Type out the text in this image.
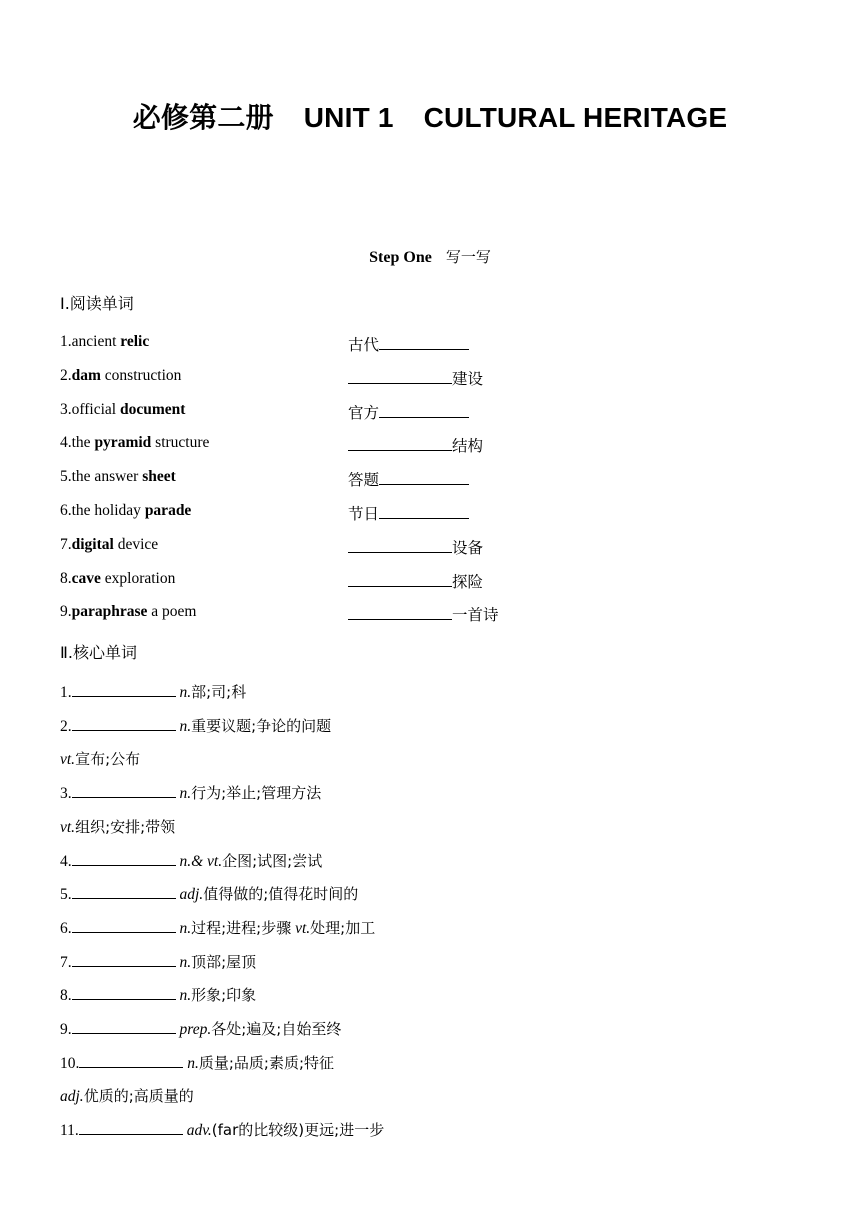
必修第二册 UNIT 1 CULTURAL HERITAGE
Step One 写一写
Ⅰ.阅读单词
1.ancient relic	古代
2.dam construction	建设
3.official document	官方
4.the pyramid structure	结构
5.the answer sheet	答题
6.the holiday parade	节日
7.digital device	设备
8.cave exploration	探险
9.paraphrase a poem	一首诗
Ⅱ.核心单词
1.	n.部;司;科
2.	n.重要议题;争论的问题
vt.宣布;公布
3.	n.行为;举止;管理方法
vt.组织;安排;带领
4.	n.& vt.企图;试图;尝试
5.	adj.值得做的;值得花时间的
6.	n.过程;进程;步骤 vt.处理;加工
7.	n.顶部;屋顶
8.	n.形象;印象
9.	prep.各处;遍及;自始至终
10.	n.质量;品质;素质;特征
adj.优质的;高质量的
11.	adv.(far的比较级)更远;进一步
